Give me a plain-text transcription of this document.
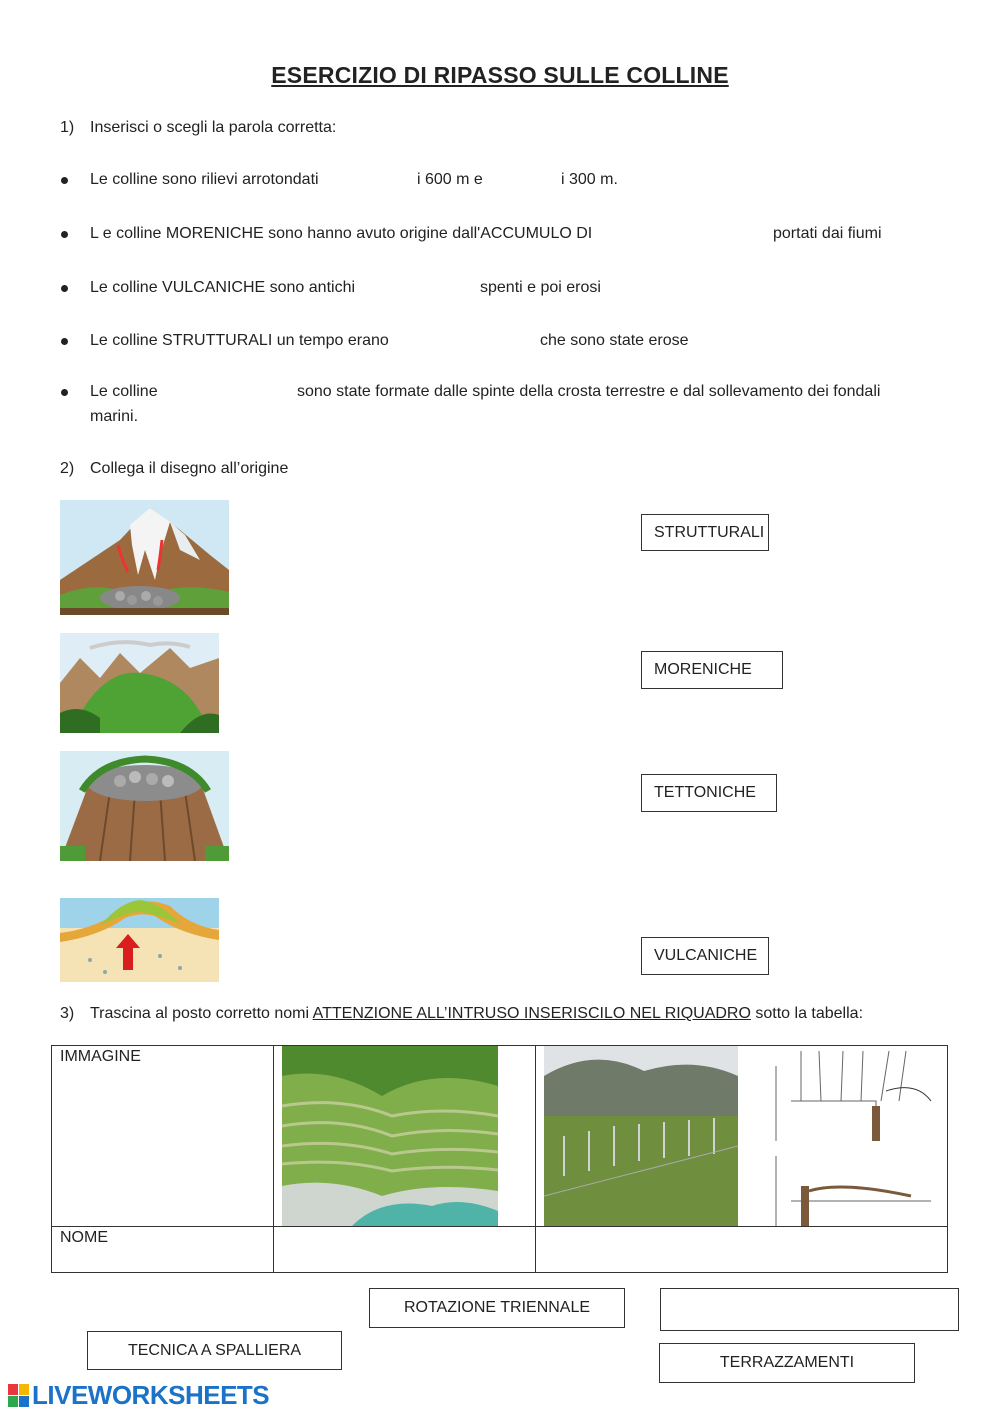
ESERCIZIO DI RIPASSO SULLE COLLINE
1) Inserisci o scegli la parola corretta:
Le colline sono rilievi arrotondati	i 600 m e	i 300 m.
L e colline MORENICHE sono hanno avuto origine dall'ACCUMULO DI	portati dai fiumi
Le colline VULCANICHE sono antichi	spenti e poi erosi
Le colline STRUTTURALI un tempo erano	che sono state erose
Le colline	sono state formate dalle spinte della crosta terrestre e dal sollevamento dei fondali
marini.
2) Collega il disegno all’origine
STRUTTURALI
MORENICHE
TETTONICHE
VULCANICHE
3) Trascina al posto corretto nomi ATTENZIONE ALL’INTRUSO INSERISCILO NEL RIQUADRO sotto la tabella:
IMMAGINE

NOME		

ROTAZIONE TRIENNALE
TECNICA A SPALLIERA
TERRAZZAMENTI
LIVEWORKSHEETS
